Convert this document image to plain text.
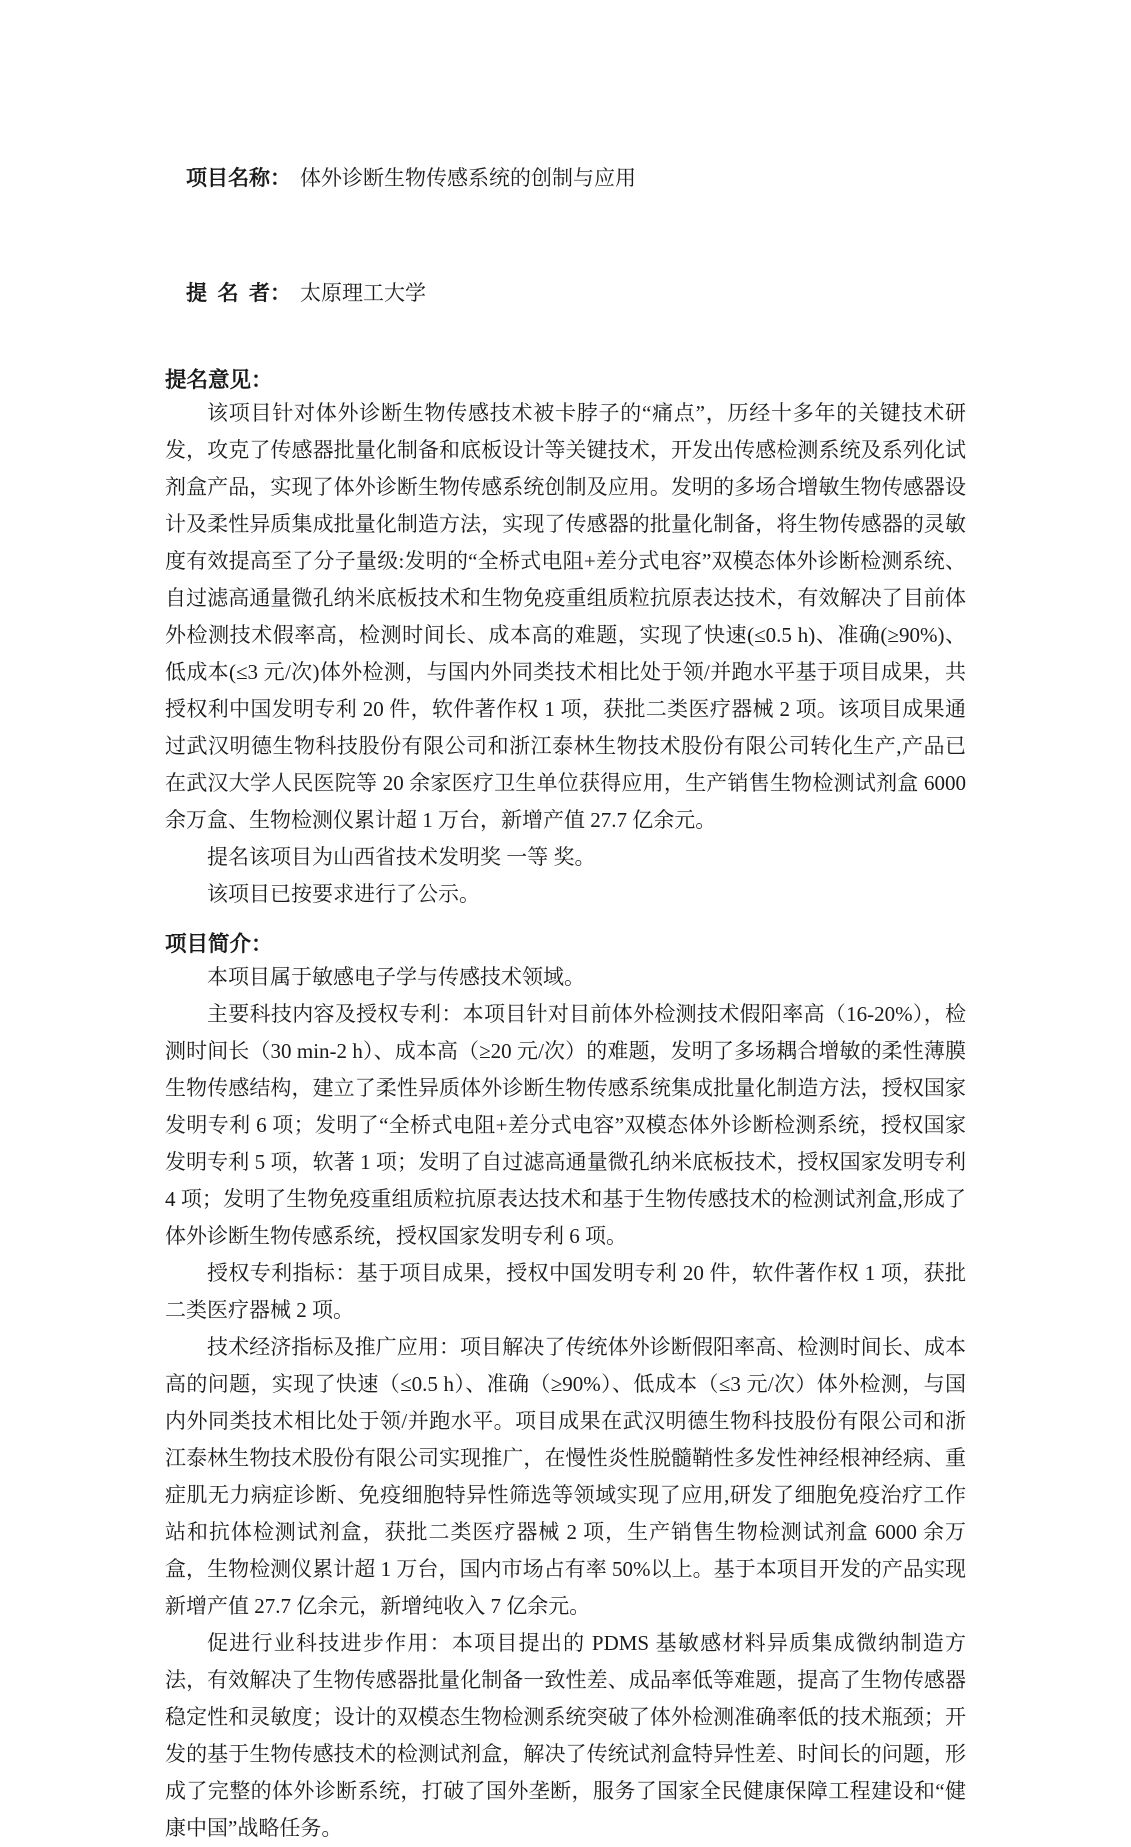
项目名称： 体外诊断生物传感系统的创制与应用

提  名  者： 太原理工大学

提名意见：

该项目针对体外诊断生物传感技术被卡脖子的“痛点”，历经十多年的关键技术研发，攻克了传感器批量化制备和底板设计等关键技术，开发出传感检测系统及系列化试剂盒产品，实现了体外诊断生物传感系统创制及应用。发明的多场合增敏生物传感器设计及柔性异质集成批量化制造方法，实现了传感器的批量化制备，将生物传感器的灵敏度有效提高至了分子量级:发明的“全桥式电阻+差分式电容”双模态体外诊断检测系统、自过滤高通量微孔纳米底板技术和生物免疫重组质粒抗原表达技术，有效解决了目前体外检测技术假率高，检测时间长、成本高的难题，实现了快速(≤0.5 h)、准确(≥90%)、低成本(≤3 元/次)体外检测，与国内外同类技术相比处于领/并跑水平基于项目成果，共授权利中国发明专利 20 件，软件著作权 1 项，获批二类医疗器械 2 项。该项目成果通过武汉明德生物科技股份有限公司和浙江泰林生物技术股份有限公司转化生产,产品已在武汉大学人民医院等 20 余家医疗卫生单位获得应用，生产销售生物检测试剂盒 6000 余万盒、生物检测仪累计超 1 万台，新增产值 27.7 亿余元。

提名该项目为山西省技术发明奖 一等 奖。

该项目已按要求进行了公示。

项目简介：

本项目属于敏感电子学与传感技术领域。

主要科技内容及授权专利：本项目针对目前体外检测技术假阳率高（16-20%），检测时间长（30 min-2 h）、成本高（≥20 元/次）的难题，发明了多场耦合增敏的柔性薄膜生物传感结构，建立了柔性异质体外诊断生物传感系统集成批量化制造方法，授权国家发明专利 6 项；发明了“全桥式电阻+差分式电容”双模态体外诊断检测系统，授权国家发明专利 5 项，软著 1 项；发明了自过滤高通量微孔纳米底板技术，授权国家发明专利 4 项；发明了生物免疫重组质粒抗原表达技术和基于生物传感技术的检测试剂盒,形成了体外诊断生物传感系统，授权国家发明专利 6 项。

授权专利指标：基于项目成果，授权中国发明专利 20 件，软件著作权 1 项，获批二类医疗器械 2 项。

技术经济指标及推广应用：项目解决了传统体外诊断假阳率高、检测时间长、成本高的问题，实现了快速（≤0.5 h）、准确（≥90%）、低成本（≤3 元/次）体外检测，与国内外同类技术相比处于领/并跑水平。项目成果在武汉明德生物科技股份有限公司和浙江泰林生物技术股份有限公司实现推广，在慢性炎性脱髓鞘性多发性神经根神经病、重症肌无力病症诊断、免疫细胞特异性筛选等领域实现了应用,研发了细胞免疫治疗工作站和抗体检测试剂盒，获批二类医疗器械 2 项，生产销售生物检测试剂盒 6000 余万盒，生物检测仪累计超 1 万台，国内市场占有率 50%以上。基于本项目开发的产品实现新增产值 27.7 亿余元，新增纯收入 7 亿余元。

促进行业科技进步作用：本项目提出的 PDMS 基敏感材料异质集成微纳制造方法，有效解决了生物传感器批量化制备一致性差、成品率低等难题，提高了生物传感器稳定性和灵敏度；设计的双模态生物检测系统突破了体外检测准确率低的技术瓶颈；开发的基于生物传感技术的检测试剂盒，解决了传统试剂盒特异性差、时间长的问题，形成了完整的体外诊断系统，打破了国外垄断，服务了国家全民健康保障工程建设和“健康中国”战略任务。
